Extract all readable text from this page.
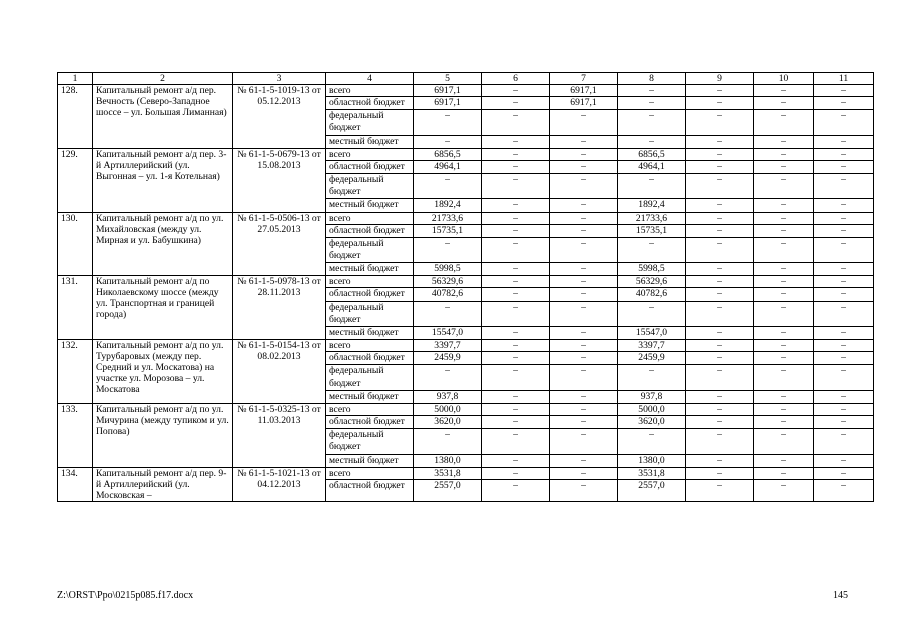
1	2	3	4	5	6	7	8	9	10	11
128.	Капитальный ремонт а/д пер. Вечность (Северо-Западное шоссе – ул. Большая Лиманная)	№ 61-1-5-1019-13 от 05.12.2013	всего	6917,1	–	6917,1	–	–	–	–
			областной бюджет	6917,1	–	6917,1	–	–	–	–
			федеральный бюджет	–	–	–	–	–	–	–
			местный бюджет	–	–	–	–	–	–	–
129.	Капитальный ремонт а/д пер. 3-й Артиллерийский (ул. Выгонная – ул. 1-я Котельная)	№ 61-1-5-0679-13 от 15.08.2013	всего	6856,5	–	–	6856,5	–	–	–
			областной бюджет	4964,1	–	–	4964,1	–	–	–
			федеральный бюджет	–	–	–	–	–	–	–
			местный бюджет	1892,4	–	–	1892,4	–	–	–
130.	Капитальный ремонт а/д по ул. Михайловская (между ул. Мирная и ул. Бабушкина)	№ 61-1-5-0506-13 от 27.05.2013	всего	21733,6	–	–	21733,6	–	–	–
			областной бюджет	15735,1	–	–	15735,1	–	–	–
			федеральный бюджет	–	–	–	–	–	–	–
			местный бюджет	5998,5	–	–	5998,5	–	–	–
131.	Капитальный ремонт а/д по Николаевскому шоссе (между ул. Транспортная и границей города)	№ 61-1-5-0978-13 от 28.11.2013	всего	56329,6	–	–	56329,6	–	–	–
			областной бюджет	40782,6	–	–	40782,6	–	–	–
			федеральный бюджет	–	–	–	–	–	–	–
			местный бюджет	15547,0	–	–	15547,0	–	–	–
132.	Капитальный ремонт а/д по ул. Турубаровых (между пер. Средний и ул. Москатова) на участке ул. Морозова – ул. Москатова	№ 61-1-5-0154-13 от 08.02.2013	всего	3397,7	–	–	3397,7	–	–	–
			областной бюджет	2459,9	–	–	2459,9	–	–	–
			федеральный бюджет	–	–	–	–	–	–	–
			местный бюджет	937,8	–	–	937,8	–	–	–
133.	Капитальный ремонт а/д по ул. Мичурина (между тупиком и ул. Попова)	№ 61-1-5-0325-13 от 11.03.2013	всего	5000,0	–	–	5000,0	–	–	–
			областной бюджет	3620,0	–	–	3620,0	–	–	–
			федеральный бюджет	–	–	–	–	–	–	–
			местный бюджет	1380,0	–	–	1380,0	–	–	–
134.	Капитальный ремонт а/д пер. 9-й Артиллерийский (ул. Московская –	№ 61-1-5-1021-13 от 04.12.2013	всего	3531,8	–	–	3531,8	–	–	–
			областной бюджет	2557,0	–	–	2557,0	–	–	–
Z:\ORST\Ppo\0215p085.f17.docx	145
